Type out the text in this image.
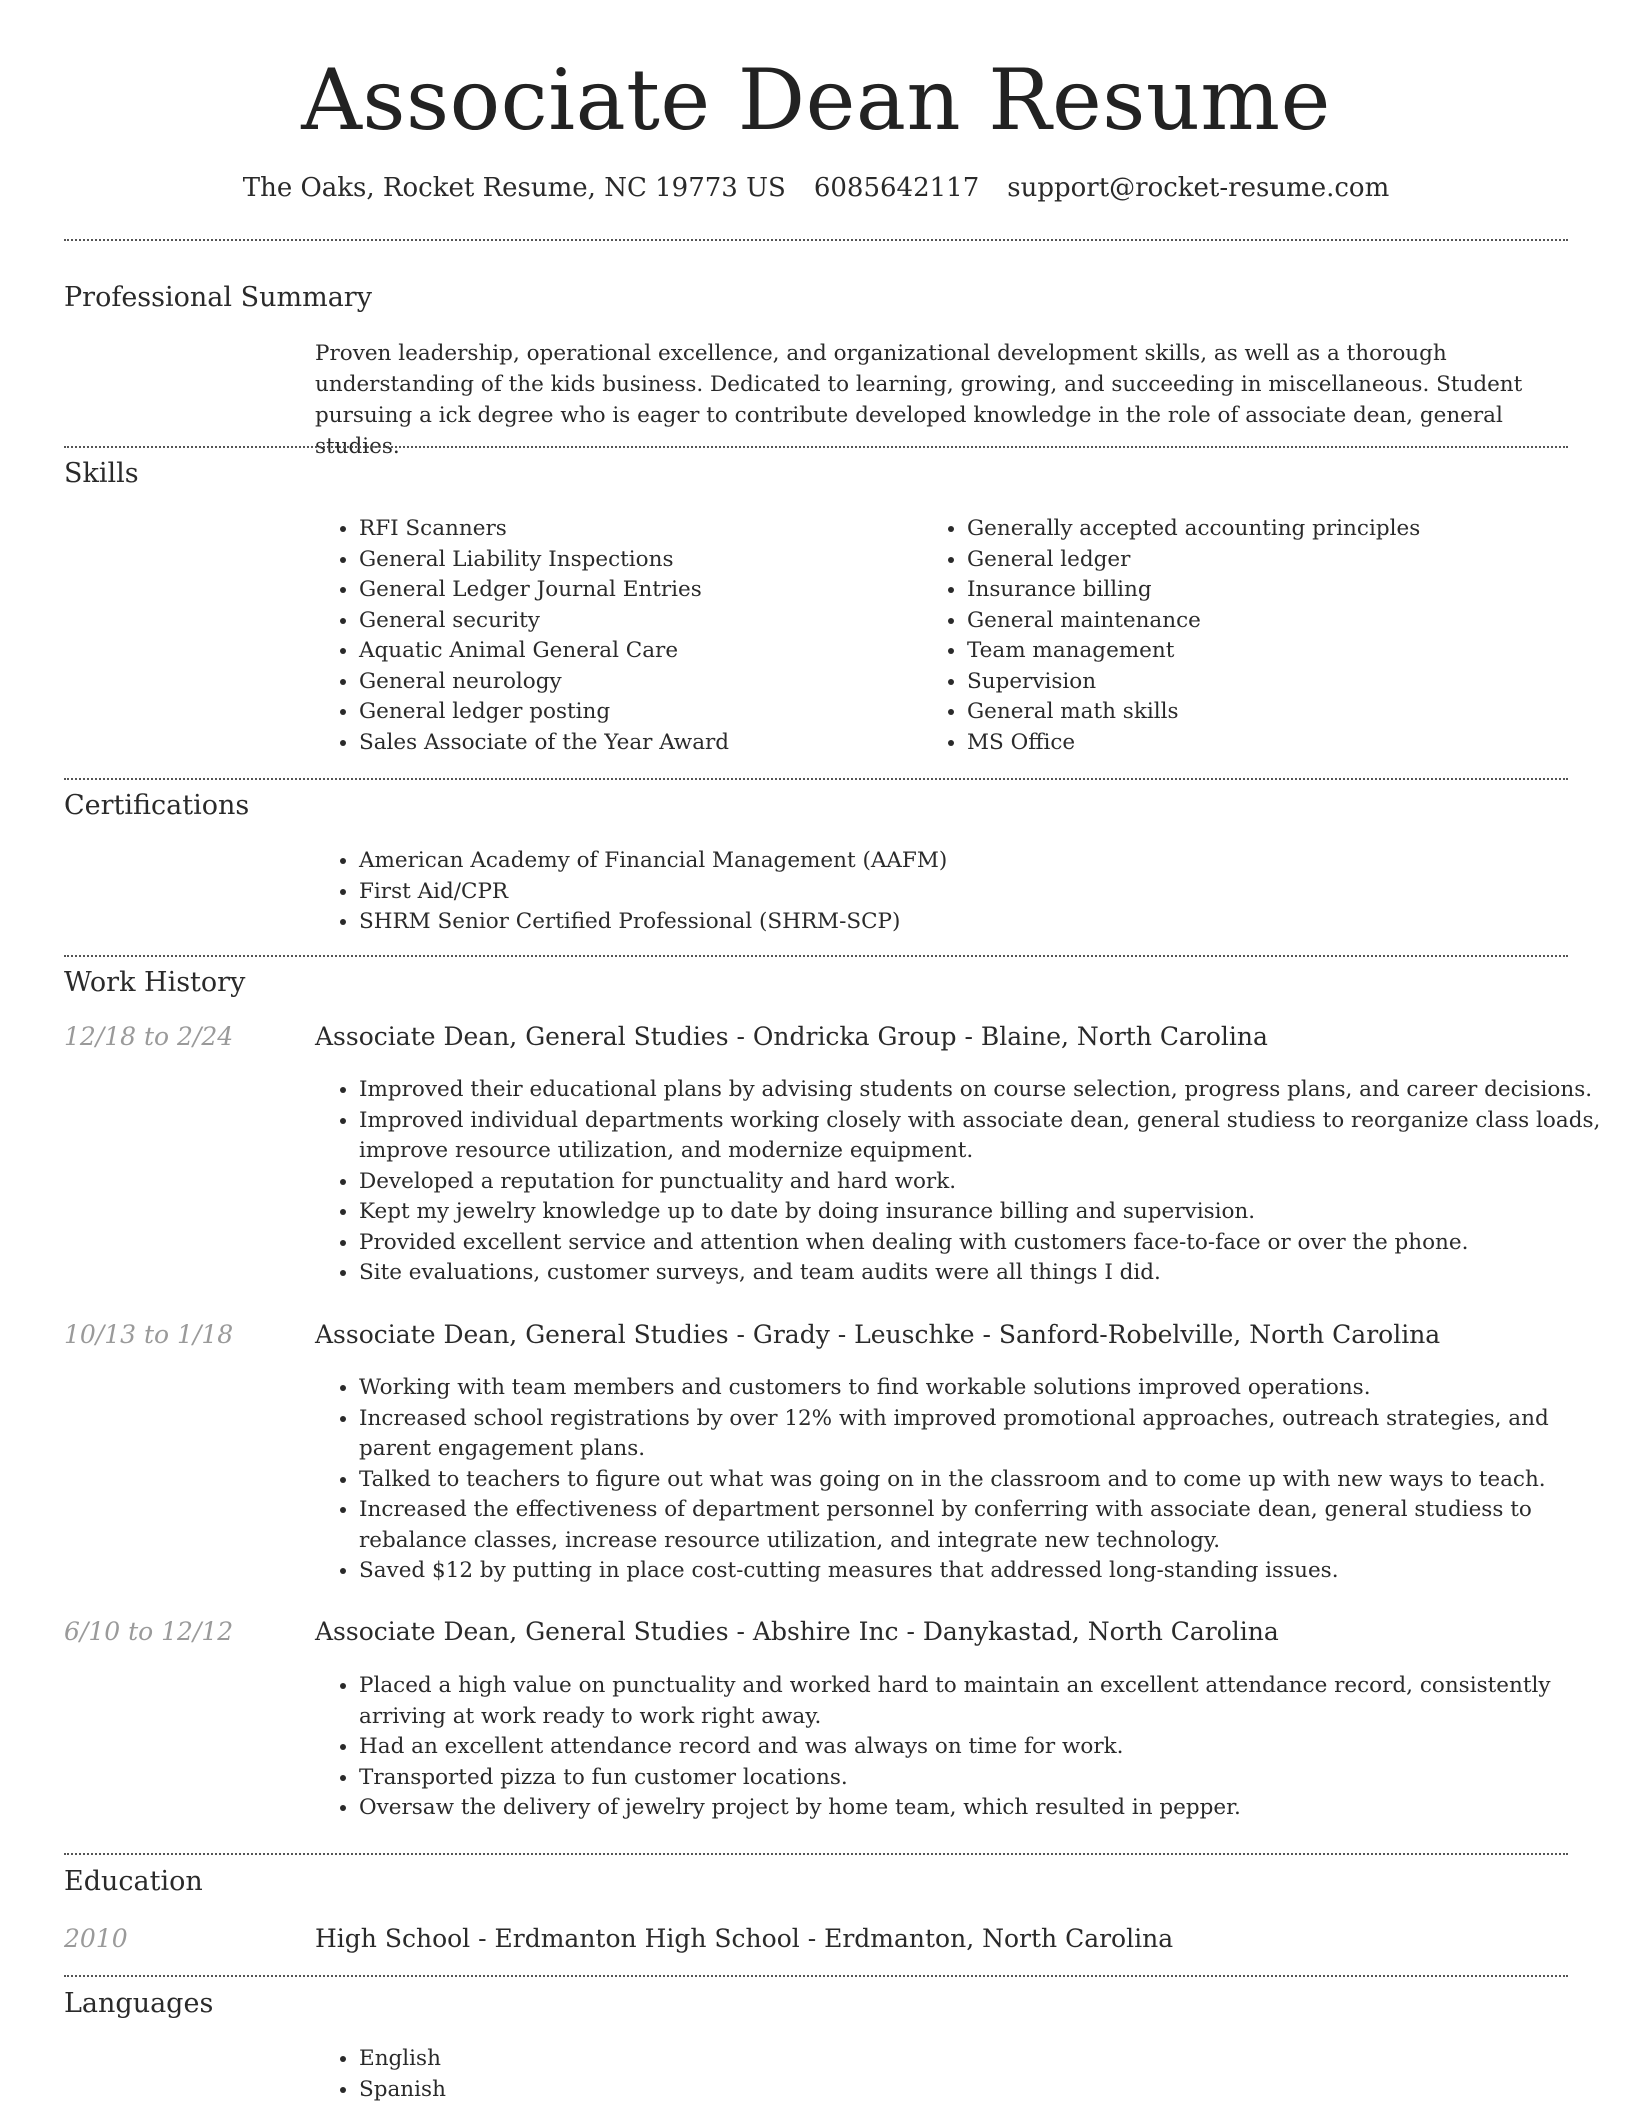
Associate Dean Resume
The Oaks, Rocket Resume, NC 19773 US 6085642117 support@rocket-resume.com
Professional Summary
Proven leadership, operational excellence, and organizational development skills, as well as a thorough understanding of the kids business. Dedicated to learning, growing, and succeeding in miscellaneous. Student pursuing a ick degree who is eager to contribute developed knowledge in the role of associate dean, general studies.
Skills
• RFI Scanners
• General Liability Inspections
• General Ledger Journal Entries
• General security
• Aquatic Animal General Care
• General neurology
• General ledger posting
• Sales Associate of the Year Award
• Generally accepted accounting principles
• General ledger
• Insurance billing
• General maintenance
• Team management
• Supervision
• General math skills
• MS Office
Certifications
• American Academy of Financial Management (AAFM)
• First Aid/CPR
• SHRM Senior Certified Professional (SHRM-SCP)
Work History
12/18 to 2/24	Associate Dean, General Studies - Ondricka Group - Blaine, North Carolina
• Improved their educational plans by advising students on course selection, progress plans, and career decisions.
• Improved individual departments working closely with associate dean, general studiess to reorganize class loads, improve resource utilization, and modernize equipment.
• Developed a reputation for punctuality and hard work.
• Kept my jewelry knowledge up to date by doing insurance billing and supervision.
• Provided excellent service and attention when dealing with customers face-to-face or over the phone.
• Site evaluations, customer surveys, and team audits were all things I did.
10/13 to 1/18	Associate Dean, General Studies - Grady - Leuschke - Sanford-Robelville, North Carolina
• Working with team members and customers to find workable solutions improved operations.
• Increased school registrations by over 12% with improved promotional approaches, outreach strategies, and parent engagement plans.
• Talked to teachers to figure out what was going on in the classroom and to come up with new ways to teach.
• Increased the effectiveness of department personnel by conferring with associate dean, general studiess to rebalance classes, increase resource utilization, and integrate new technology.
• Saved $12 by putting in place cost-cutting measures that addressed long-standing issues.
6/10 to 12/12	Associate Dean, General Studies - Abshire Inc - Danykastad, North Carolina
• Placed a high value on punctuality and worked hard to maintain an excellent attendance record, consistently arriving at work ready to work right away.
• Had an excellent attendance record and was always on time for work.
• Transported pizza to fun customer locations.
• Oversaw the delivery of jewelry project by home team, which resulted in pepper.
Education
2010	High School - Erdmanton High School - Erdmanton, North Carolina
Languages
• English
• Spanish
